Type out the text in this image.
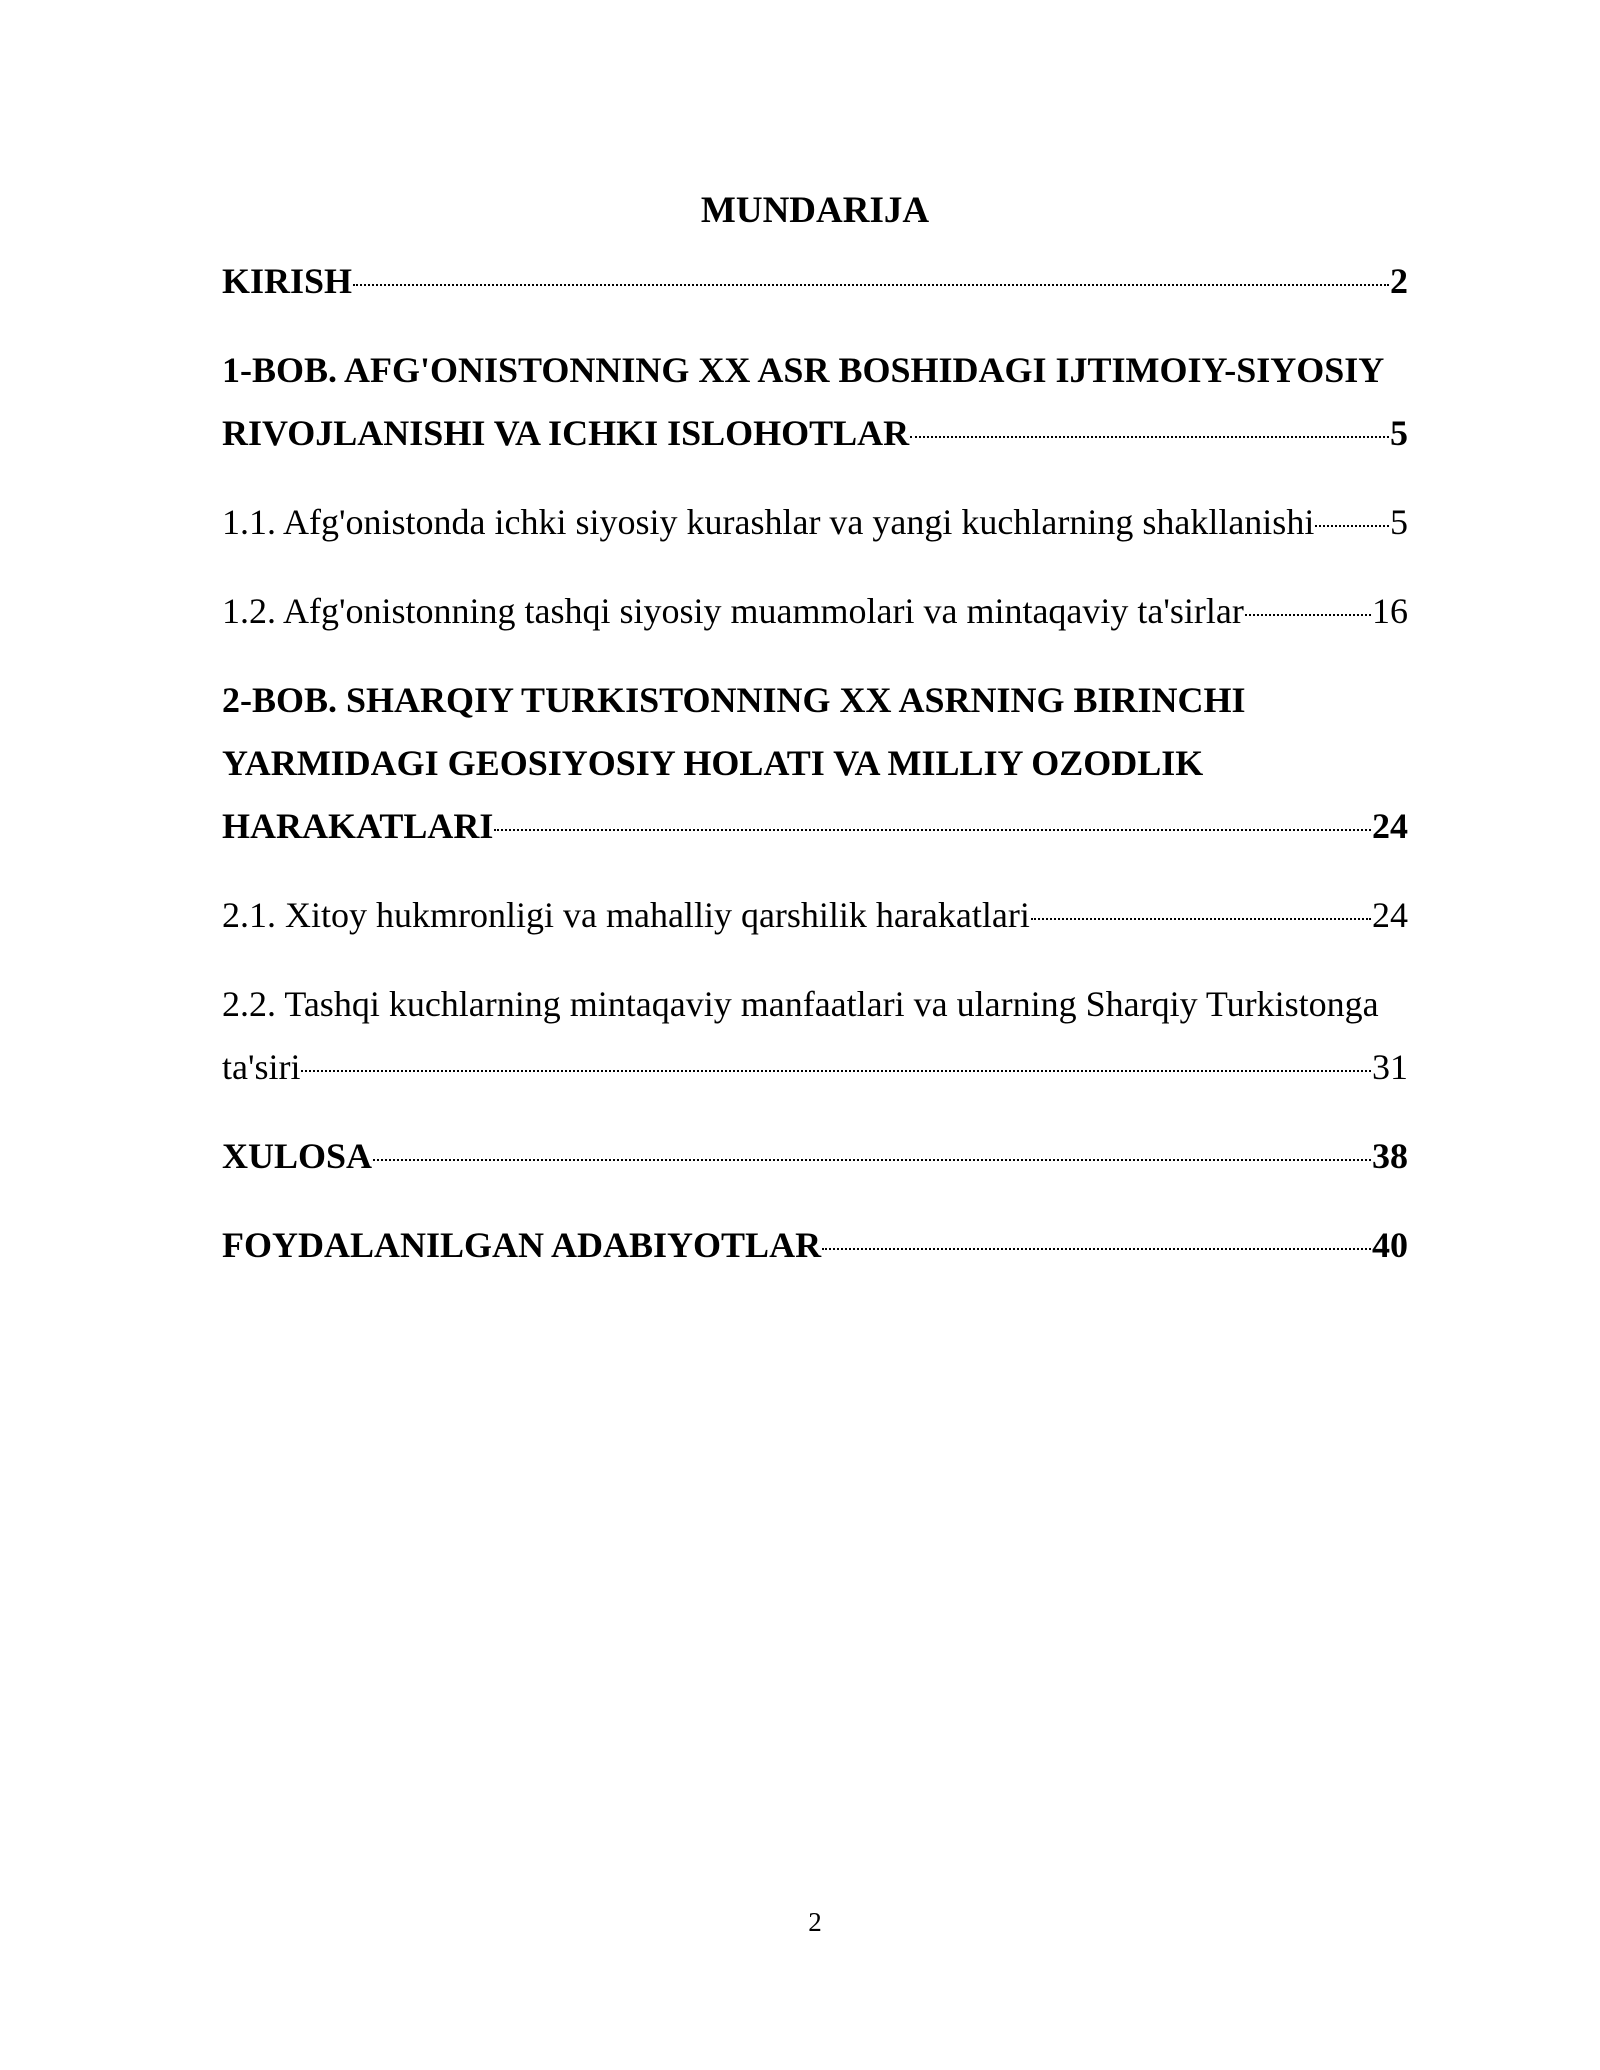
MUNDARIJA
KIRISH	2
1-BOB. AFG'ONISTONNING XX ASR BOSHIDAGI IJTIMOIY-SIYOSIY
RIVOJLANISHI VA ICHKI ISLOHOTLAR	5
1.1. Afg'onistonda ichki siyosiy kurashlar va yangi kuchlarning shakllanishi 5
1.2. Afg'onistonning tashqi siyosiy muammolari va mintaqaviy ta'sirlar	16
2-BOB. SHARQIY TURKISTONNING XX ASRNING BIRINCHI
YARMIDAGI GEOSIYOSIY HOLATI VA MILLIY OZODLIK
HARAKATLARI	24
2.1. Xitoy hukmronligi va mahalliy qarshilik harakatlari	24
2.2. Tashqi kuchlarning mintaqaviy manfaatlari va ularning Sharqiy Turkistonga
ta'siri	31
XULOSA	38
FOYDALANILGAN ADABIYOTLAR	40
2
